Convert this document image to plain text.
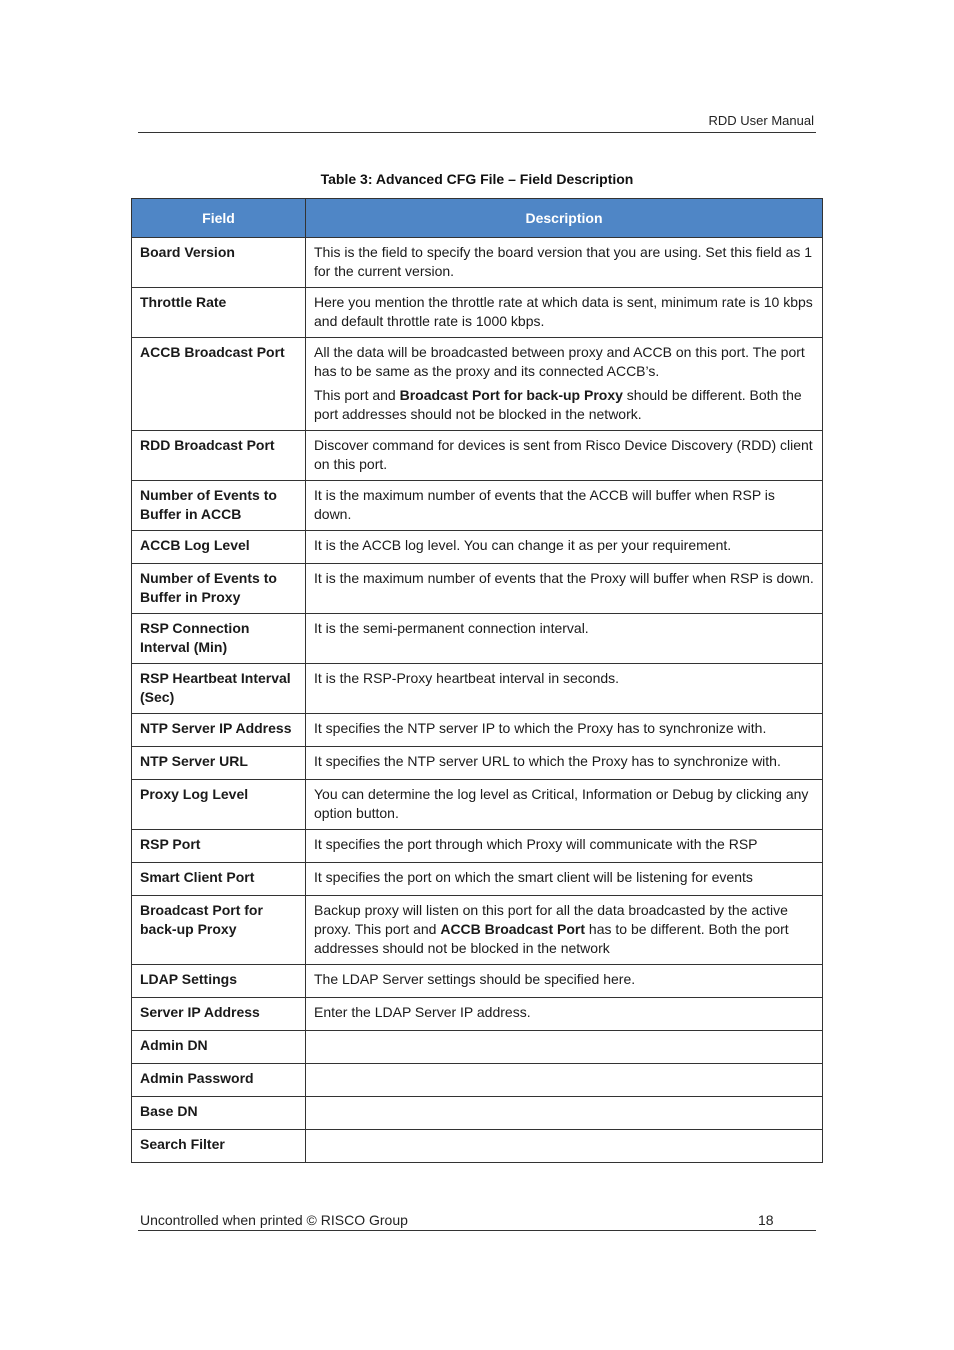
RDD User Manual
Table 3: Advanced CFG File – Field Description
Field	Description
Board Version	This is the field to specify the board version that you are using. Set this field as 1 for the current version.

Throttle Rate	Here you mention the throttle rate at which data is sent, minimum rate is 10 kbps and default throttle rate is 1000 kbps.

ACCB Broadcast Port	All the data will be broadcasted between proxy and ACCB on this port. The port has to be same as the proxy and its connected ACCB’s.

This port and Broadcast Port for back-up Proxy should be different. Both the port addresses should not be blocked in the network.

RDD Broadcast Port	Discover command for devices is sent from Risco Device Discovery (RDD) client on this port.

Number of Events to Buffer in ACCB	It is the maximum number of events that the ACCB will buffer when RSP is down.

ACCB Log Level	It is the ACCB log level. You can change it as per your requirement.

Number of Events to Buffer in Proxy	It is the maximum number of events that the Proxy will buffer when RSP is down.

RSP Connection Interval (Min)	It is the semi-permanent connection interval.

RSP Heartbeat Interval (Sec)	It is the RSP-Proxy heartbeat interval in seconds.

NTP Server IP Address	It specifies the NTP server IP to which the Proxy has to synchronize with.

NTP Server URL	It specifies the NTP server URL to which the Proxy has to synchronize with.

Proxy Log Level	You can determine the log level as Critical, Information or Debug by clicking any option button.

RSP Port	It specifies the port through which Proxy will communicate with the RSP

Smart Client Port	It specifies the port on which the smart client will be listening for events

Broadcast Port for back-up Proxy	Backup proxy will listen on this port for all the data broadcasted by the active proxy. This port and ACCB Broadcast Port has to be different. Both the port addresses should not be blocked in the network

LDAP Settings	The LDAP Server settings should be specified here.

Server IP Address	Enter the LDAP Server IP address.

Admin DN	
Admin Password	
Base DN	
Search Filter	
Uncontrolled when printed © RISCO Group	18
